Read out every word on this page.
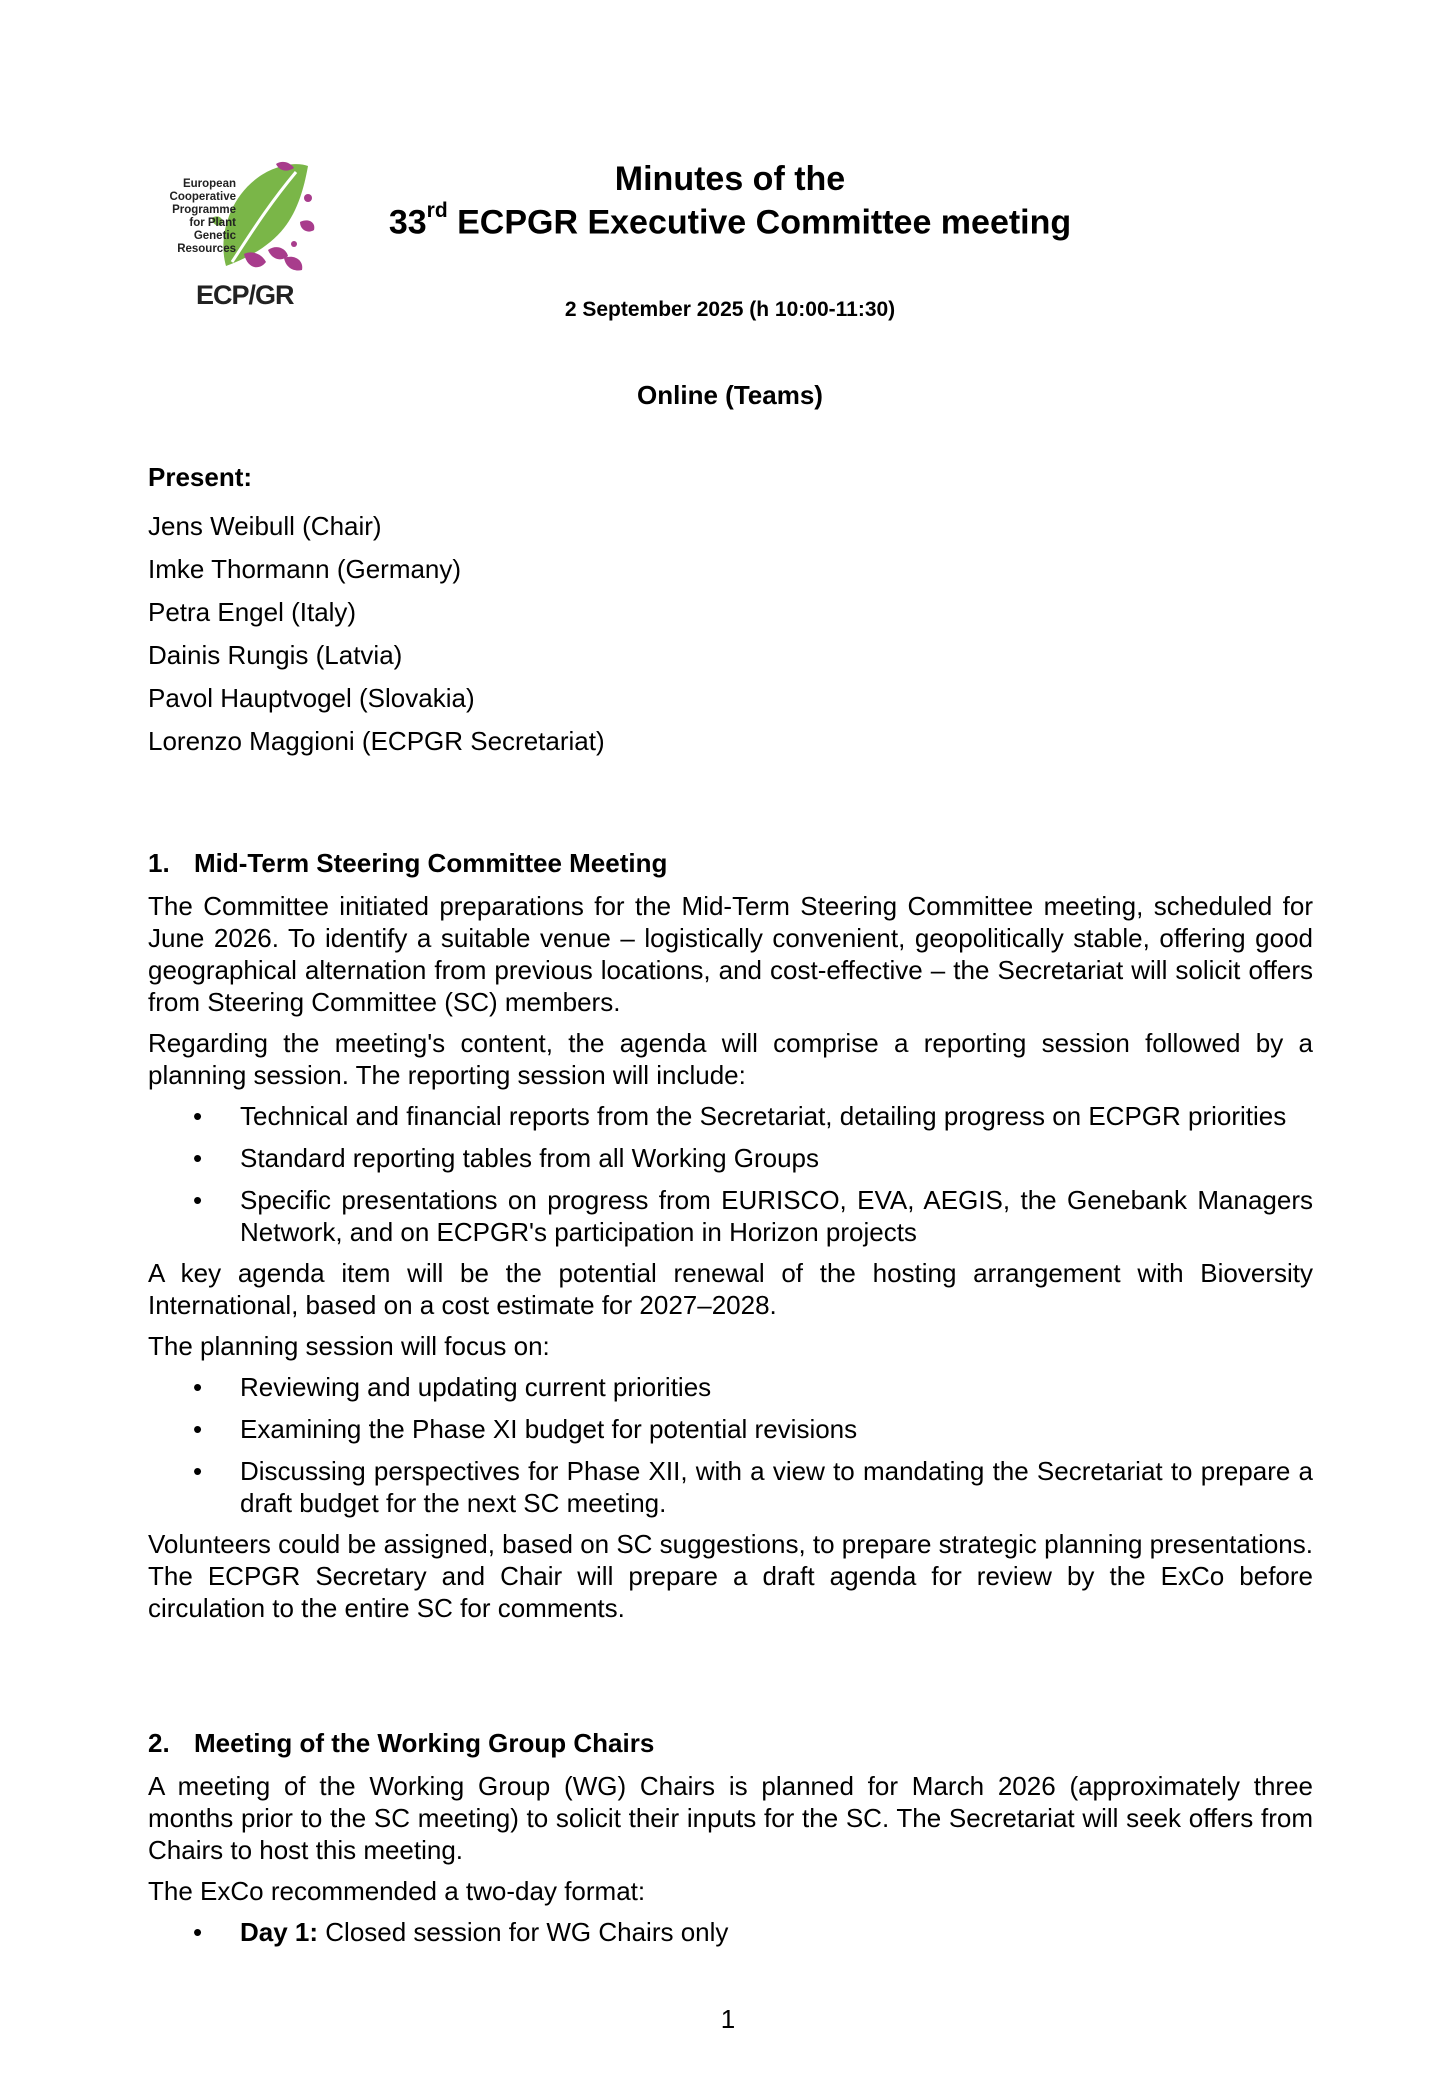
European
Cooperative
Programme
for Plant
Genetic
Resources
ECP/GR
Minutes of the
33rd ECPGR Executive Committee meeting
2 September 2025 (h 10:00-11:30)
Online (Teams)
Present:
Jens Weibull (Chair)
Imke Thormann (Germany)
Petra Engel (Italy)
Dainis Rungis (Latvia)
Pavol Hauptvogel (Slovakia)
Lorenzo Maggioni (ECPGR Secretariat)
1. Mid-Term Steering Committee Meeting

The Committee initiated preparations for the Mid-Term Steering Committee meeting, scheduled for June 2026. To identify a suitable venue – logistically convenient, geopolitically stable, offering good geographical alternation from previous locations, and cost-effective – the Secretariat will solicit offers from Steering Committee (SC) members.

Regarding the meeting's content, the agenda will comprise a reporting session followed by a planning session. The reporting session will include:

• Technical and financial reports from the Secretariat, detailing progress on ECPGR priorities
• Standard reporting tables from all Working Groups
• Specific presentations on progress from EURISCO, EVA, AEGIS, the Genebank Managers Network, and on ECPGR's participation in Horizon projects

A key agenda item will be the potential renewal of the hosting arrangement with Bioversity International, based on a cost estimate for 2027–2028.

The planning session will focus on:

• Reviewing and updating current priorities
• Examining the Phase XI budget for potential revisions
• Discussing perspectives for Phase XII, with a view to mandating the Secretariat to prepare a draft budget for the next SC meeting.

Volunteers could be assigned, based on SC suggestions, to prepare strategic planning presentations. The ECPGR Secretary and Chair will prepare a draft agenda for review by the ExCo before circulation to the entire SC for comments.

2. Meeting of the Working Group Chairs

A meeting of the Working Group (WG) Chairs is planned for March 2026 (approximately three months prior to the SC meeting) to solicit their inputs for the SC. The Secretariat will seek offers from Chairs to host this meeting.

The ExCo recommended a two-day format:

• Day 1: Closed session for WG Chairs only
1
